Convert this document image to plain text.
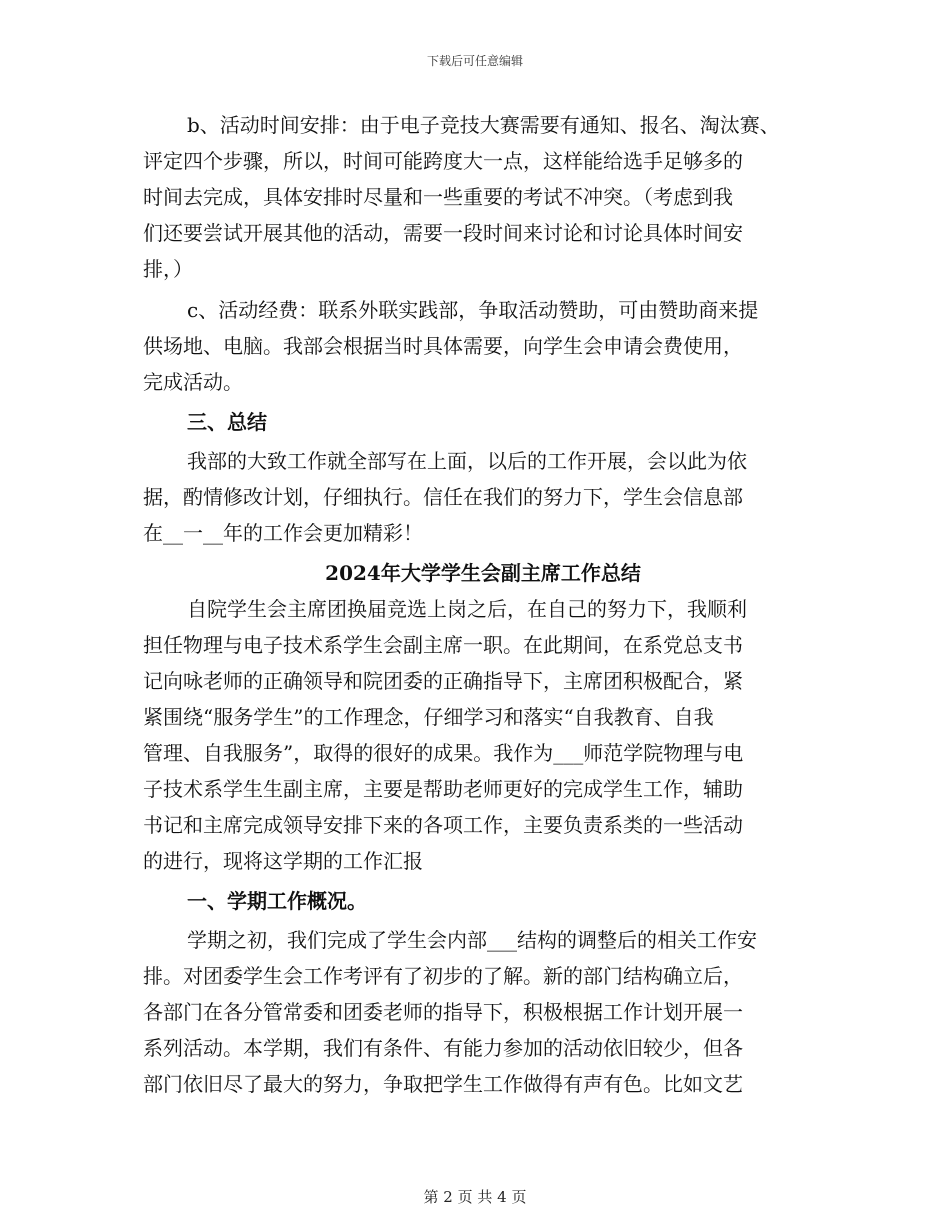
下载后可任意编辑
b、活动时间安排：由于电子竞技大赛需要有通知、报名、淘汰赛、
评定四个步骤，所以，时间可能跨度大一点，这样能给选手足够多的
时间去完成，具体安排时尽量和一些重要的考试不冲突。（考虑到我
们还要尝试开展其他的活动，需要一段时间来讨论和讨论具体时间安
排，）
c、活动经费：联系外联实践部，争取活动赞助，可由赞助商来提
供场地、电脑。我部会根据当时具体需要，向学生会申请会费使用，
完成活动。
三、总结
我部的大致工作就全部写在上面，以后的工作开展，会以此为依
据，酌情修改计划，仔细执行。信任在我们的努力下，学生会信息部
在__一__年的工作会更加精彩！
2024年大学学生会副主席工作总结
自院学生会主席团换届竞选上岗之后，在自己的努力下，我顺利
担任物理与电子技术系学生会副主席一职。在此期间，在系党总支书
记向咏老师的正确领导和院团委的正确指导下，主席团积极配合，紧
紧围绕“服务学生”的工作理念，仔细学习和落实“自我教育、自我
管理、自我服务”，取得的很好的成果。我作为___师范学院物理与电
子技术系学生生副主席，主要是帮助老师更好的完成学生工作，辅助
书记和主席完成领导安排下来的各项工作，主要负责系类的一些活动
的进行，现将这学期的工作汇报
一、学期工作概况。
学期之初，我们完成了学生会内部___结构的调整后的相关工作安
排。对团委学生会工作考评有了初步的了解。新的部门结构确立后，
各部门在各分管常委和团委老师的指导下，积极根据工作计划开展一
系列活动。本学期，我们有条件、有能力参加的活动依旧较少，但各
部门依旧尽了最大的努力，争取把学生工作做得有声有色。比如文艺
第 2 页 共 4 页
